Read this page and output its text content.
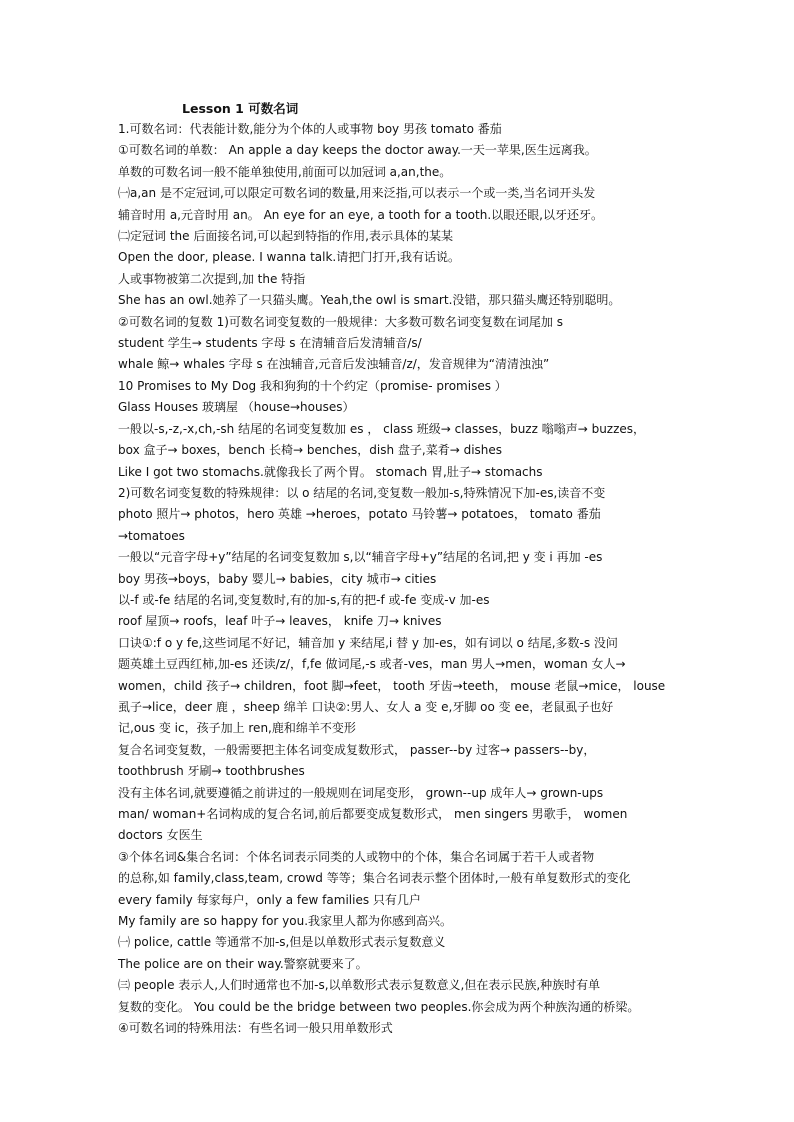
Lesson 1 可数名词
1.可数名词：代表能计数,能分为个体的人或事物 boy 男孩 tomato 番茄
①可数名词的单数： An apple a day keeps the doctor away.一天一苹果,医生远离我。
单数的可数名词一般不能单独使用,前面可以加冠词 a,an,the。
㈠a,an 是不定冠词,可以限定可数名词的数量,用来泛指,可以表示一个或一类,当名词开头发
辅音时用 a,元音时用 an。 An eye for an eye, a tooth for a tooth.以眼还眼,以牙还牙。
㈡定冠词 the 后面接名词,可以起到特指的作用,表示具体的某某
Open the door, please. I wanna talk.请把门打开,我有话说。
人或事物被第二次提到,加 the 特指
She has an owl.她养了一只猫头鹰。Yeah,the owl is smart.没错，那只猫头鹰还特别聪明。
②可数名词的复数 1)可数名词变复数的一般规律：大多数可数名词变复数在词尾加 s
student 学生→ students 字母 s 在清辅音后发清辅音/s/
whale 鲸→ whales 字母 s 在浊辅音,元音后发浊辅音/z/，发音规律为“清清浊浊”
10 Promises to My Dog 我和狗狗的十个约定（promise- promises ）
Glass Houses 玻璃屋 （house→houses）
一般以-s,-z,-x,ch,-sh 结尾的名词变复数加 es ， class 班级→ classes，buzz 嗡嗡声→ buzzes，
box 盒子→ boxes，bench 长椅→ benches，dish 盘子,菜肴→ dishes
Like I got two stomachs.就像我长了两个胃。 stomach 胃,肚子→ stomachs
2)可数名词变复数的特殊规律：以 o 结尾的名词,变复数一般加-s,特殊情况下加-es,读音不变
photo 照片→ photos，hero 英雄 →heroes，potato 马铃薯→ potatoes， tomato 番茄
→tomatoes
一般以“元音字母+y”结尾的名词变复数加 s,以“辅音字母+y”结尾的名词,把 y 变 i 再加 -es
boy 男孩→boys，baby 婴儿→ babies，city 城市→ cities
以-f 或-fe 结尾的名词,变复数时,有的加-s,有的把-f 或-fe 变成-v 加-es
roof 屋顶→ roofs，leaf 叶子→ leaves， knife 刀→ knives
口诀①:f o y fe,这些词尾不好记，辅音加 y 来结尾,i 替 y 加-es，如有词以 o 结尾,多数-s 没问
题英雄土豆西红柿,加-es 还读/z/，f,fe 做词尾,-s 或者-ves，man 男人→men，woman 女人→
women，child 孩子→ children，foot 脚→feet， tooth 牙齿→teeth， mouse 老鼠→mice， louse
虱子→lice，deer 鹿 ，sheep 绵羊 口诀②:男人、女人 a 变 e,牙脚 oo 变 ee，老鼠虱子也好
记,ous 变 ic，孩子加上 ren,鹿和绵羊不变形
复合名词变复数，一般需要把主体名词变成复数形式， passer--by 过客→ passers--by，
toothbrush 牙刷→ toothbrushes
没有主体名词,就要遵循之前讲过的一般规则在词尾变形， grown--up 成年人→ grown-ups
man/ woman+名词构成的复合名词,前后都要变成复数形式， men singers 男歌手， women
doctors 女医生
③个体名词&集合名词：个体名词表示同类的人或物中的个体，集合名词属于若干人或者物
的总称,如 family,class,team, crowd 等等；集合名词表示整个团体时,一般有单复数形式的变化
every family 每家每户，only a few families 只有几户
My family are so happy for you.我家里人都为你感到高兴。
㈠ police, cattle 等通常不加-s,但是以单数形式表示复数意义
The police are on their way.警察就要来了。
㈢ people 表示人,人们时通常也不加-s,以单数形式表示复数意义,但在表示民族,种族时有单
复数的变化。 You could be the bridge between two peoples.你会成为两个种族沟通的桥梁。
④可数名词的特殊用法：有些名词一般只用单数形式
